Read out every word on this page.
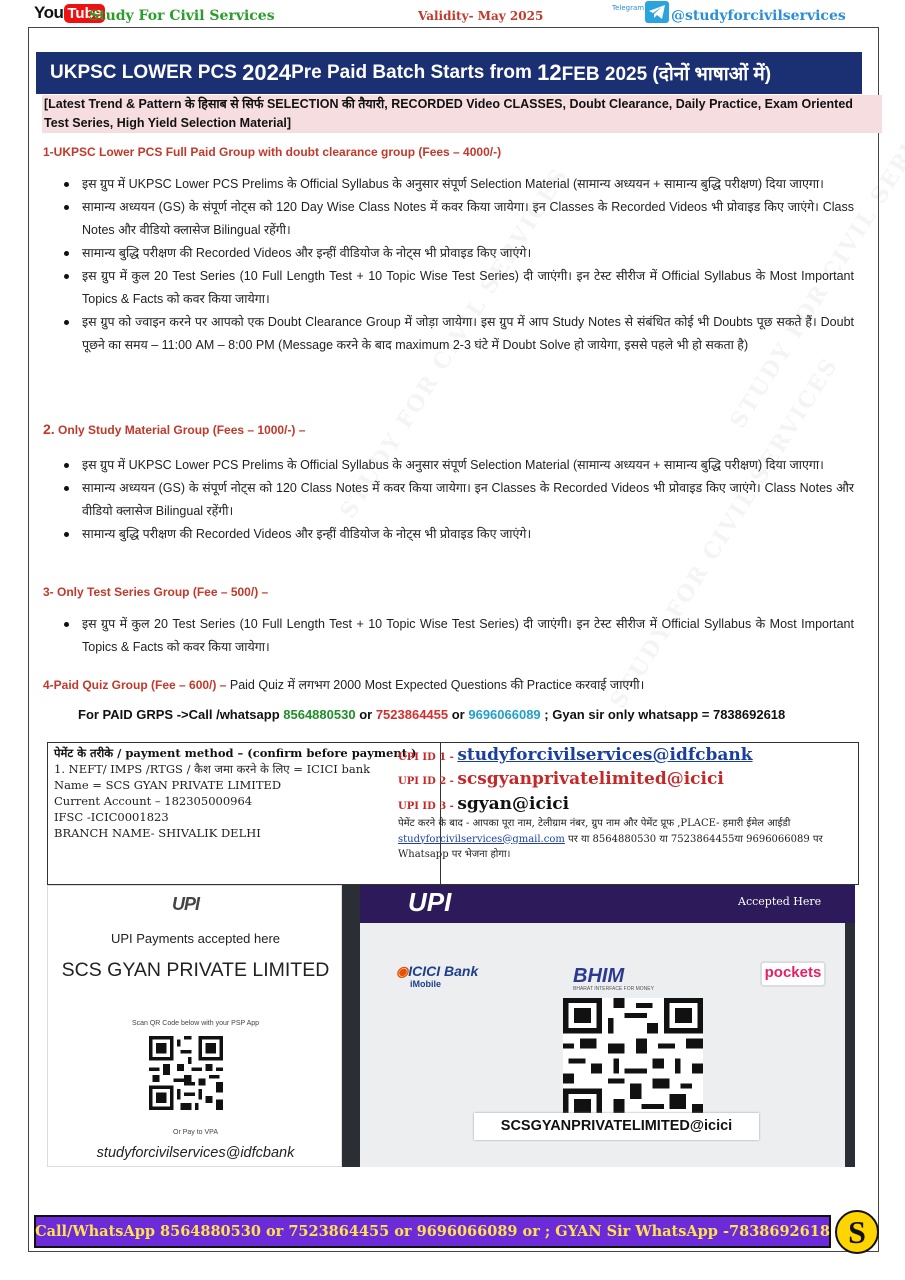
You Tube
Study For Civil Services	Validity- May 2025
Telegram @studyforcivilservices
UKPSC LOWER PCS
2024 Pre Paid Batch Starts from
12 FEB 2025 (दोनों भाषाओं में)
[Latest Trend & Pattern के हिसाब से सिर्फ SELECTION की तैयारी, RECORDED Video CLASSES, Doubt Clearance, Daily Practice, Exam Oriented Test Series, High Yield Selection Material]
1-UKPSC Lower PCS Full Paid Group with doubt clearance group (Fees – 4000/-)
इस ग्रुप में UKPSC Lower PCS Prelims के Official Syllabus के अनुसार संपूर्ण Selection Material (सामान्य अध्ययन + सामान्य बुद्धि परीक्षण) दिया जाएगा।
सामान्य अध्ययन (GS) के संपूर्ण नोट्स को 120 Day Wise Class Notes में कवर किया जायेगा। इन Classes के Recorded Videos भी प्रोवाइड किए जाएंगे। Class Notes और वीडियो क्लासेज Bilingual रहेंगी।
सामान्य बुद्धि परीक्षण की Recorded Videos और इन्हीं वीडियोज के नोट्स भी प्रोवाइड किए जाएंगे।
इस ग्रुप में कुल 20 Test Series (10 Full Length Test + 10 Topic Wise Test Series) दी जाएंगी। इन टेस्ट सीरीज में Official Syllabus के Most Important Topics & Facts को कवर किया जायेगा।
इस ग्रुप को ज्वाइन करने पर आपको एक Doubt Clearance Group में जोड़ा जायेगा। इस ग्रुप में आप Study Notes से संबंधित कोई भी Doubts पूछ सकते हैं। Doubt पूछने का समय – 11:00 AM – 8:00 PM (Message करने के बाद maximum 2-3 घंटे में Doubt Solve हो जायेगा, इससे पहले भी हो सकता है)
2. Only Study Material Group (Fees – 1000/-) –
इस ग्रुप में UKPSC Lower PCS Prelims के Official Syllabus के अनुसार संपूर्ण Selection Material (सामान्य अध्ययन + सामान्य बुद्धि परीक्षण) दिया जाएगा।
सामान्य अध्ययन (GS) के संपूर्ण नोट्स को 120 Class Notes में कवर किया जायेगा। इन Classes के Recorded Videos भी प्रोवाइड किए जाएंगे। Class Notes और वीडियो क्लासेज Bilingual रहेंगी।
सामान्य बुद्धि परीक्षण की Recorded Videos और इन्हीं वीडियोज के नोट्स भी प्रोवाइड किए जाएंगे।
3- Only Test Series Group (Fee – 500/) –
इस ग्रुप में कुल 20 Test Series (10 Full Length Test + 10 Topic Wise Test Series) दी जाएंगी। इन टेस्ट सीरीज में Official Syllabus के Most Important Topics & Facts को कवर किया जायेगा।
4-Paid Quiz Group (Fee – 600/) – Paid Quiz में लगभग 2000 Most Expected Questions की Practice करवाई जाएगी।
For PAID GRPS ->Call /whatsapp 8564880530 or 7523864455 or 9696066089 ; Gyan sir only whatsapp = 7838692618
पेमेंट के तरीके / payment method – (confirm before payment )
1. NEFT/ IMPS /RTGS / कैश जमा करने के लिए = ICICI bank
Name = SCS GYAN PRIVATE LIMITED
Current Account – 182305000964
IFSC -ICIC0001823
BRANCH NAME- SHIVALIK DELHI
UPI ID 1 - studyforcivilservices@idfcbank
UPI ID 2 - scsgyanprivatelimited@icici
UPI ID 3 - sgyan@icici
पेमेंट करने के बाद - आपका पूरा नाम, टेलीग्राम नंबर, ग्रुप नाम और पेमेंट प्रूफ ,PLACE- हमारी ईमेल आईडी studyforcivilservices@gmail.com पर या 8564880530 या 7523864455या 9696066089 पर Whatsapp पर भेजना होगा।
UPI
UPI Payments accepted here
SCS GYAN PRIVATE LIMITED
Scan QR Code below with your PSP App
Or Pay to VPA
studyforcivilservices@idfcbank
UPI	Accepted Here
◉ICICI Bank
iMobile	BHIM
BHARAT INTERFACE FOR MONEY
pockets
SCSGYANPRIVATELIMITED@icici
Call/WhatsApp 8564880530 or 7523864455 or 9696066089 or ; GYAN Sir WhatsApp -7838692618 S
